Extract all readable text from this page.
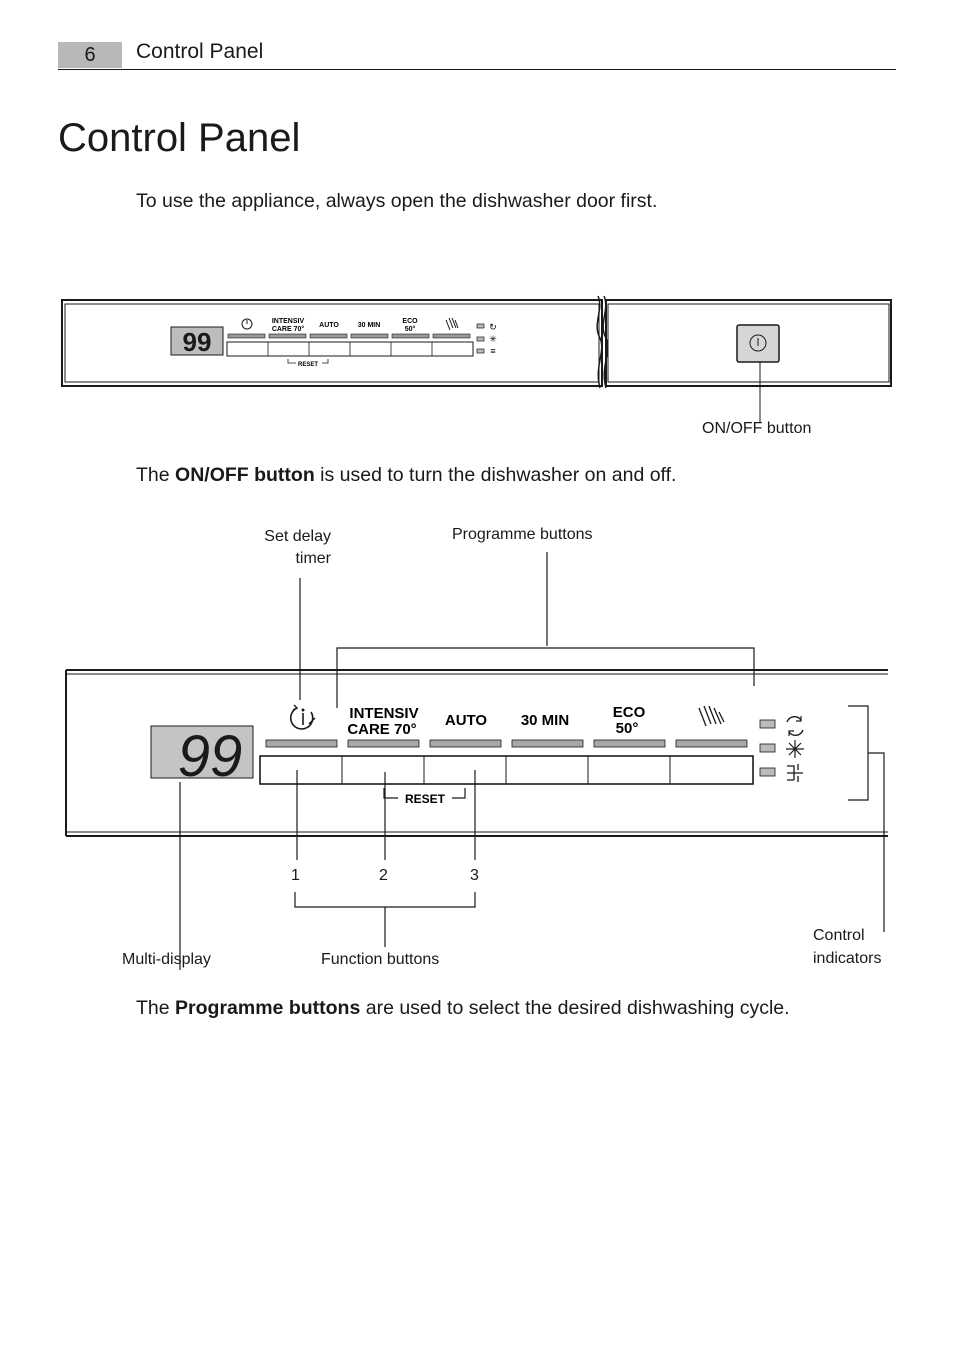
6	Control Panel
Control Panel
To use the appliance, always open the dishwasher door first.
99
INTENSIV
CARE 70°
AUTO	30 MIN
ECO
50°
RESET
↻
✳
≡
ON/OFF button
The ON/OFF button is used to turn the dishwasher on and off.
99
INTENSIV
CARE 70°
AUTO 30 MIN	ECO
50°
RESET
Set delay
timer
Programme buttons
1	2	3
Multi-display	Function buttons
Control
indicators
The Programme buttons are used to select the desired dishwashing cycle.
